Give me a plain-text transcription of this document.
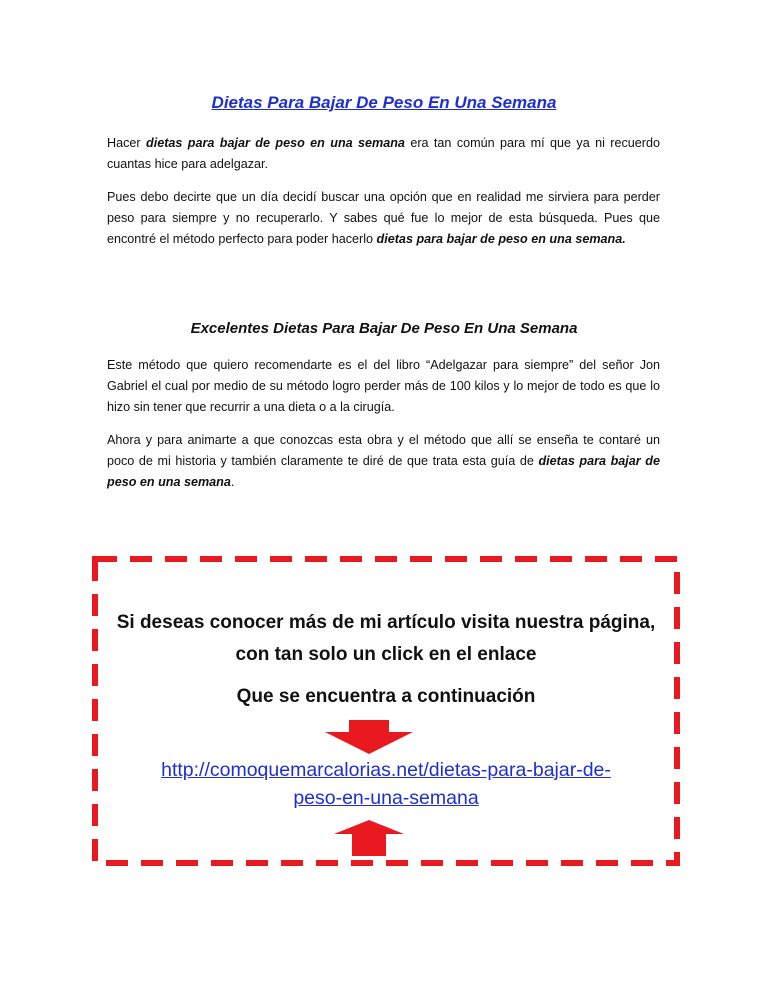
Dietas Para Bajar De Peso En Una Semana

Hacer dietas para bajar de peso en una semana era tan común para mí que ya ni recuerdo cuantas hice para adelgazar.

Pues debo decirte que un día decidí buscar una opción que en realidad me sirviera para perder peso para siempre y no recuperarlo. Y sabes qué fue lo mejor de esta búsqueda. Pues que encontré el método perfecto para poder hacerlo dietas para bajar de peso en una semana.

Excelentes Dietas Para Bajar De Peso En Una Semana

Este método que quiero recomendarte es el del libro “Adelgazar para siempre” del señor Jon Gabriel el cual por medio de su método logro perder más de 100 kilos y lo mejor de todo es que lo hizo sin tener que recurrir a una dieta o a la cirugía.

Ahora y para animarte a que conozcas esta obra y el método que allí se enseña te contaré un poco de mi historia y también claramente te diré de que trata esta guía de dietas para bajar de peso en una semana.

Si deseas conocer más de mi artículo visita nuestra página,
con tan solo un click en el enlace
Que se encuentra a continuación
http://comoquemarcalorias.net/dietas-para-bajar-de-
peso-en-una-semana
